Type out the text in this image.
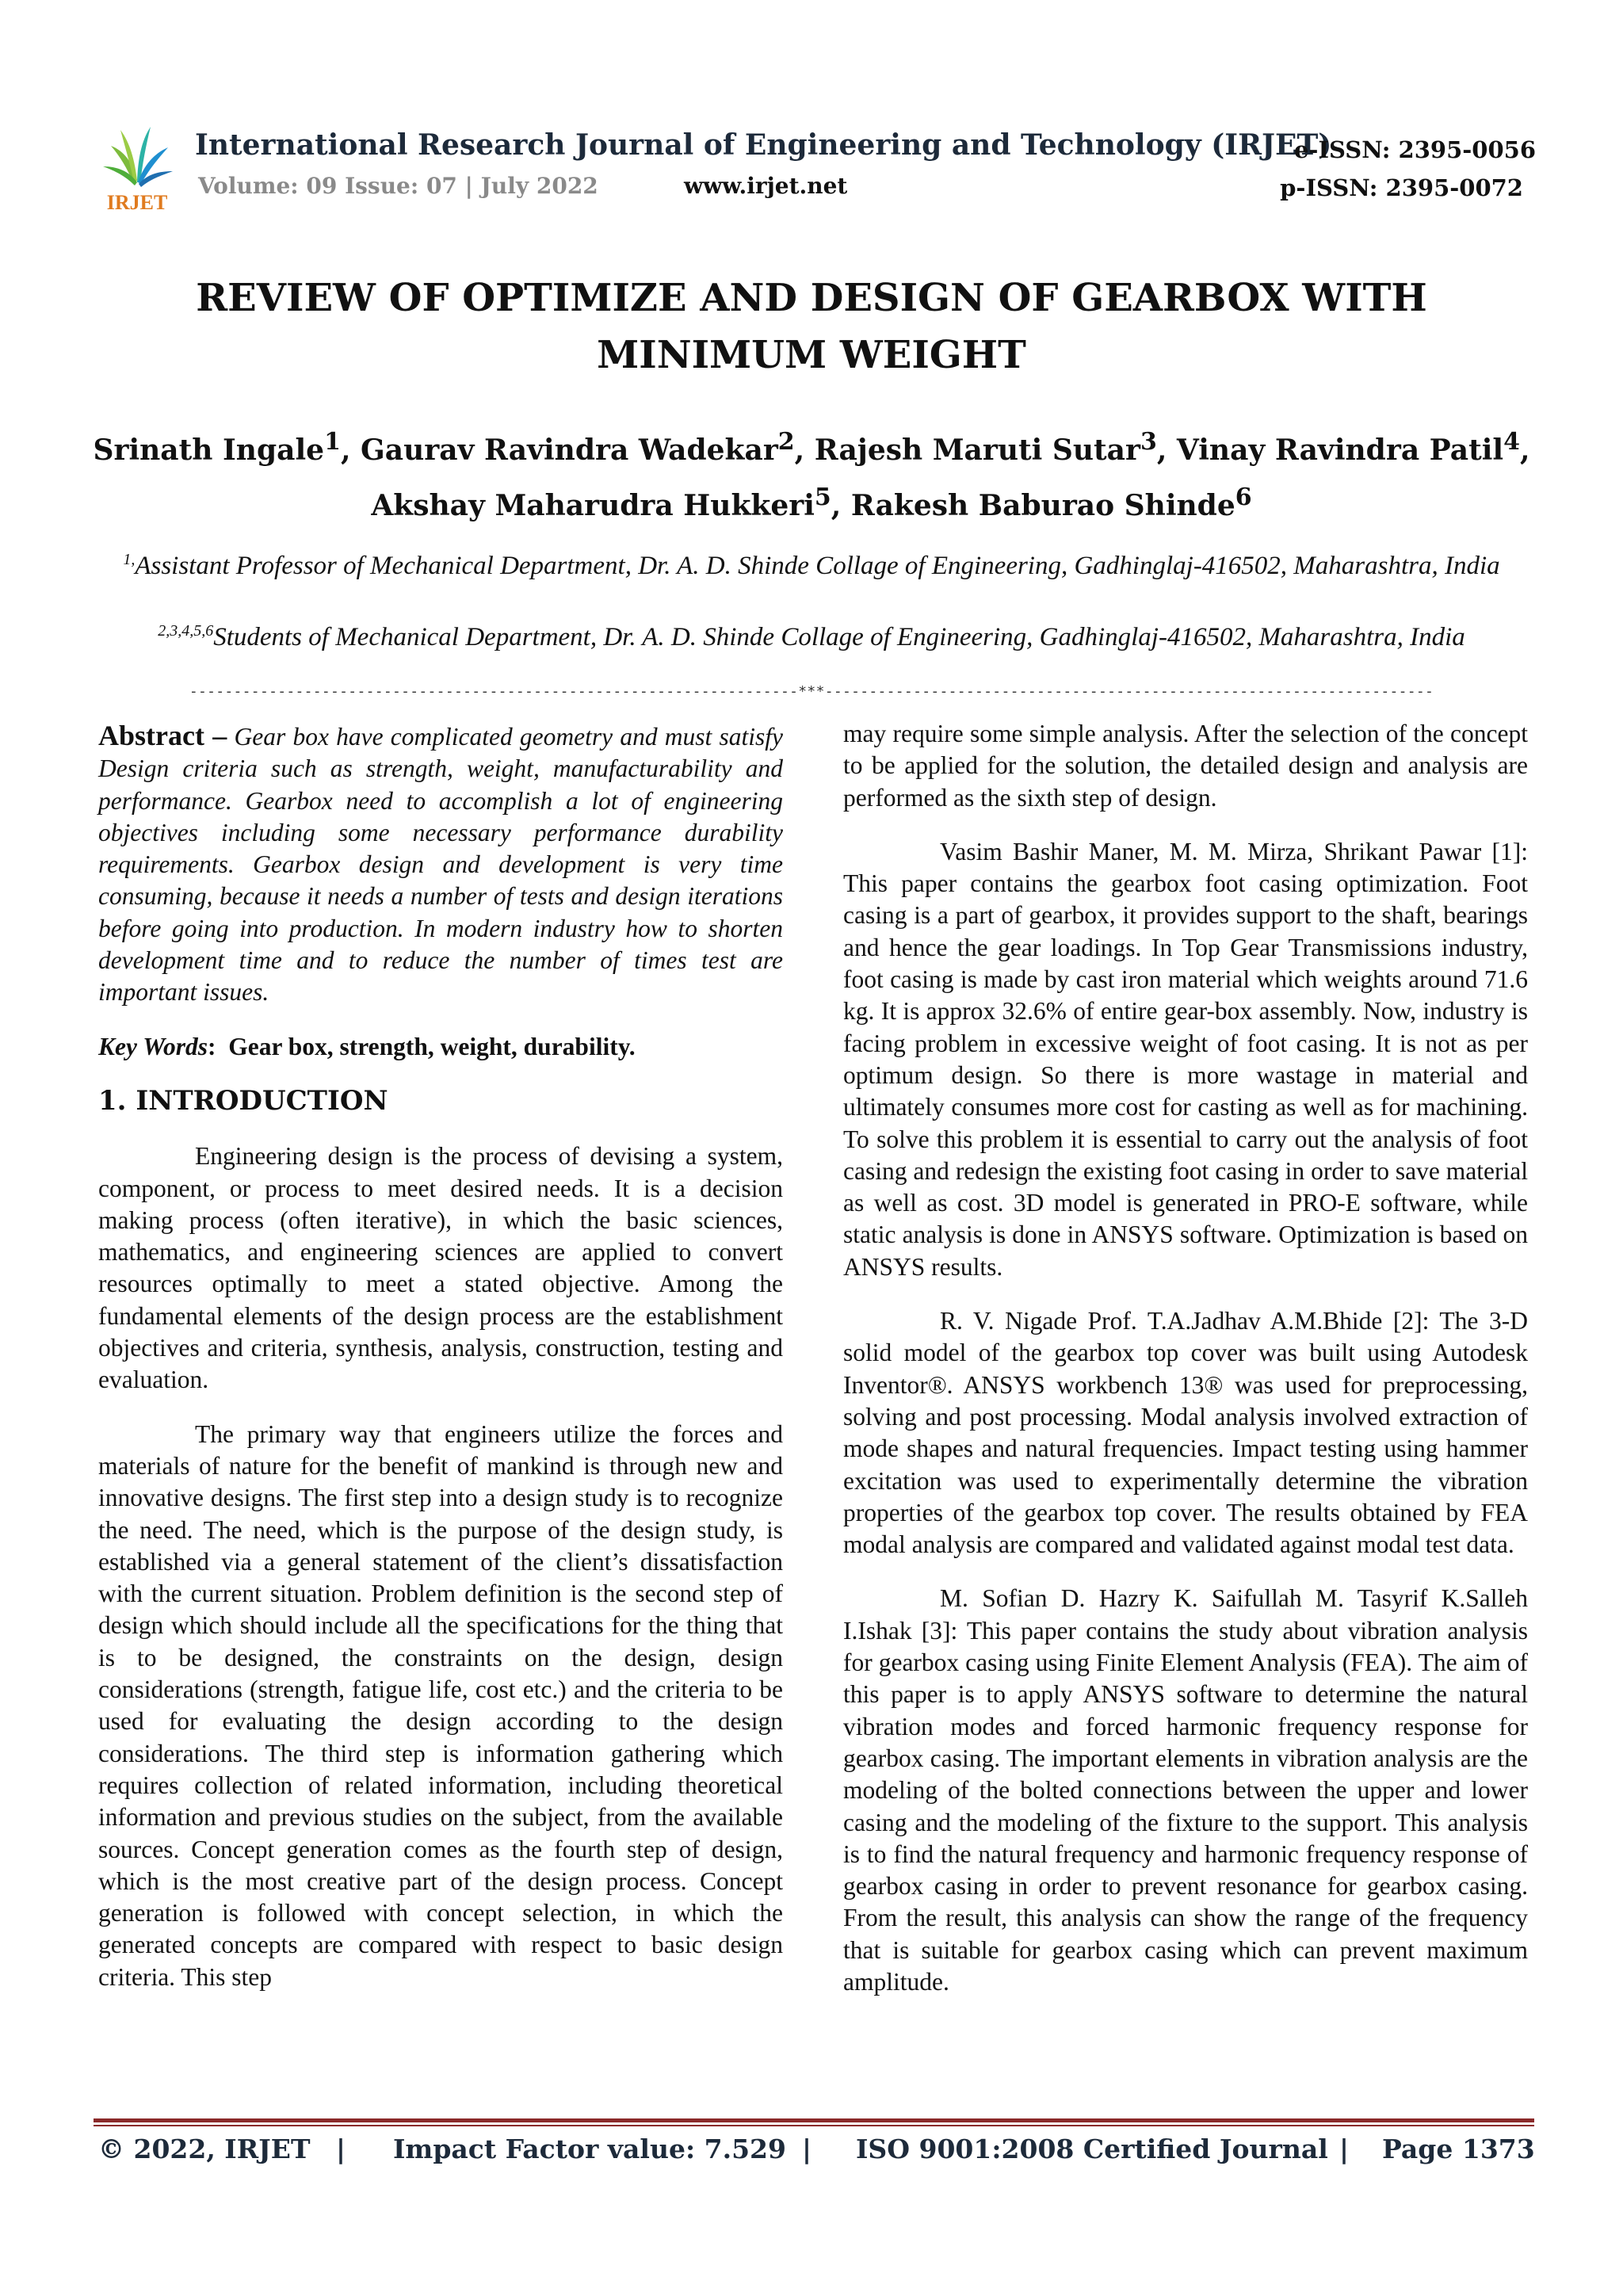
IRJET
International Research Journal of Engineering and Technology (IRJET)
Volume: 09 Issue: 07 | July 2022	www.irjet.net
e-ISSN: 2395-0056
p-ISSN: 2395-0072
REVIEW OF OPTIMIZE AND DESIGN OF GEARBOX WITH MINIMUM WEIGHT
Srinath Ingale$^1$, Gaurav Ravindra Wadekar$^2$, Rajesh Maruti Sutar$^3$, Vinay Ravindra Patil$^4$,
Akshay Maharudra Hukkeri$^5$, Rakesh Baburao Shinde$^6$
$^{1,}$Assistant Professor of Mechanical Department, Dr. A. D. Shinde Collage of Engineering, Gadhinglaj-416502, Maharashtra, India
$^{2,3,4,5,6}$Students of Mechanical Department, Dr. A. D. Shinde Collage of Engineering, Gadhinglaj-416502, Maharashtra, India
---------------------------------------------------------------------***---------------------------------------------------------------------

Abstract – Gear box have complicated geometry and must satisfy Design criteria such as strength, weight, manufacturability and performance. Gearbox need to accomplish a lot of engineering objectives including some necessary performance durability requirements. Gearbox design and development is very time consuming, because it needs a number of tests and design iterations before going into production. In modern industry how to shorten development time and to reduce the number of times test are important issues.

Key Words:  Gear box, strength, weight, durability.

1. INTRODUCTION

Engineering design is the process of devising a system, component, or process to meet desired needs. It is a decision making process (often iterative), in which the basic sciences, mathematics, and engineering sciences are applied to convert resources optimally to meet a stated objective. Among the fundamental elements of the design process are the establishment objectives and criteria, synthesis, analysis, construction, testing and evaluation.

The primary way that engineers utilize the forces and materials of nature for the benefit of mankind is through new and innovative designs. The first step into a design study is to recognize the need. The need, which is the purpose of the design study, is established via a general statement of the client’s dissatisfaction with the current situation. Problem definition is the second step of design which should include all the specifications for the thing that is to be designed, the constraints on the design, design considerations (strength, fatigue life, cost etc.) and the criteria to be used for evaluating the design according to the design considerations. The third step is information gathering which requires collection of related information, including theoretical information and previous studies on the subject, from the available sources. Concept generation comes as the fourth step of design, which is the most creative part of the design process. Concept generation is followed with concept selection, in which the generated concepts are compared with respect to basic design criteria. This step

may require some simple analysis. After the selection of the concept to be applied for the solution, the detailed design and analysis are performed as the sixth step of design.

Vasim Bashir Maner, M. M. Mirza, Shrikant Pawar [1]: This paper contains the gearbox foot casing optimization. Foot casing is a part of gearbox, it provides support to the shaft, bearings and hence the gear loadings. In Top Gear Transmissions industry, foot casing is made by cast iron material which weights around 71.6 kg. It is approx 32.6% of entire gear-box assembly. Now, industry is facing problem in excessive weight of foot casing. It is not as per optimum design. So there is more wastage in material and ultimately consumes more cost for casting as well as for machining. To solve this problem it is essential to carry out the analysis of foot casing and redesign the existing foot casing in order to save material as well as cost. 3D model is generated in PRO-E software, while static analysis is done in ANSYS software. Optimization is based on ANSYS results.

R. V. Nigade Prof. T.A.Jadhav A.M.Bhide [2]: The 3-D solid model of the gearbox top cover was built using Autodesk Inventor®. ANSYS workbench 13® was used for preprocessing, solving and post processing. Modal analysis involved extraction of mode shapes and natural frequencies. Impact testing using hammer excitation was used to experimentally determine the vibration properties of the gearbox top cover. The results obtained by FEA modal analysis are compared and validated against modal test data.

M. Sofian D. Hazry K. Saifullah M. Tasyrif K.Salleh I.Ishak [3]: This paper contains the study about vibration analysis for gearbox casing using Finite Element Analysis (FEA). The aim of this paper is to apply ANSYS software to determine the natural vibration modes and forced harmonic frequency response for gearbox casing. The important elements in vibration analysis are the modeling of the bolted connections between the upper and lower casing and the modeling of the fixture to the support. This analysis is to find the natural frequency and harmonic frequency response of gearbox casing in order to prevent resonance for gearbox casing. From the result, this analysis can show the range of the frequency that is suitable for gearbox casing which can prevent maximum amplitude.

© 2022, IRJET | Impact Factor value: 7.529 | ISO 9001:2008 Certified Journal | Page 1373
